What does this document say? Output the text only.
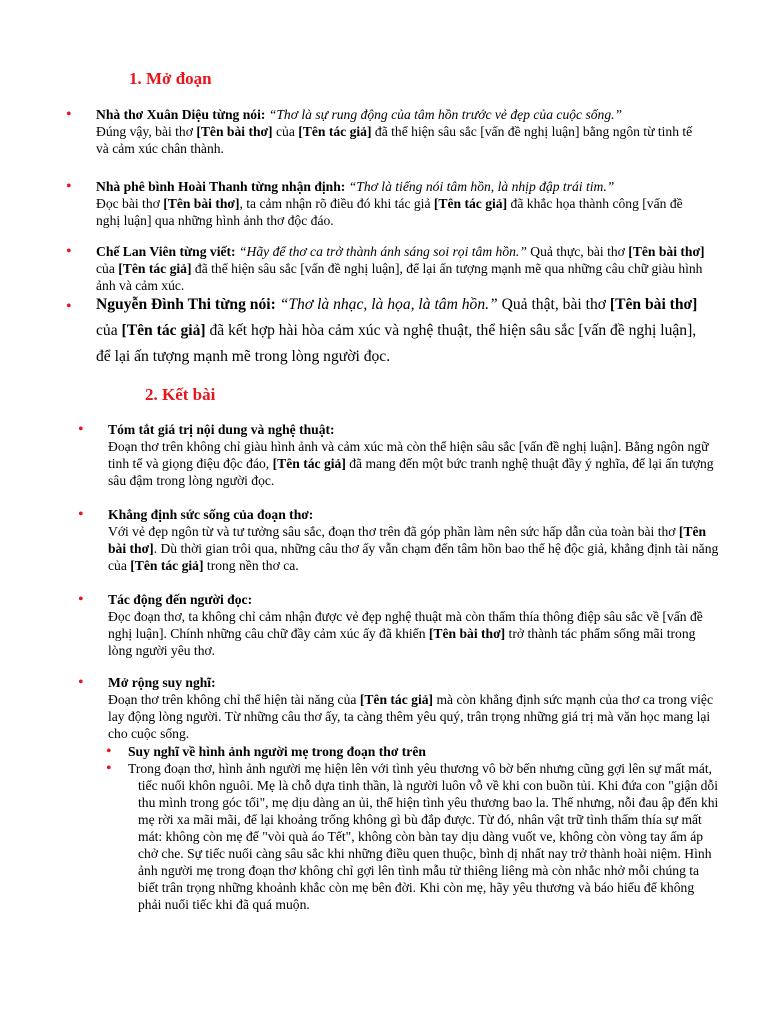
1. Mở đoạn
• Nhà thơ Xuân Diệu từng nói: “Thơ là sự rung động của tâm hồn trước vẻ đẹp của cuộc sống.”
Đúng vậy, bài thơ [Tên bài thơ] của [Tên tác giả] đã thể hiện sâu sắc [vấn đề nghị luận] bằng ngôn từ tinh tế và cảm xúc chân thành.
• Nhà phê bình Hoài Thanh từng nhận định: “Thơ là tiếng nói tâm hồn, là nhịp đập trái tim.”
Đọc bài thơ [Tên bài thơ], ta cảm nhận rõ điều đó khi tác giả [Tên tác giả] đã khắc họa thành công [vấn đề nghị luận] qua những hình ảnh thơ độc đáo.
• Chế Lan Viên từng viết: “Hãy để thơ ca trở thành ánh sáng soi rọi tâm hồn.” Quả thực, bài thơ [Tên bài thơ] của [Tên tác giả] đã thể hiện sâu sắc [vấn đề nghị luận], để lại ấn tượng mạnh mẽ qua những câu chữ giàu hình ảnh và cảm xúc.
• Nguyễn Đình Thi từng nói: “Thơ là nhạc, là họa, là tâm hồn.” Quả thật, bài thơ [Tên bài thơ] của [Tên tác giả] đã kết hợp hài hòa cảm xúc và nghệ thuật, thể hiện sâu sắc [vấn đề nghị luận], để lại ấn tượng mạnh mẽ trong lòng người đọc.
2. Kết bài
• Tóm tắt giá trị nội dung và nghệ thuật:
Đoạn thơ trên không chỉ giàu hình ảnh và cảm xúc mà còn thể hiện sâu sắc [vấn đề nghị luận]. Bằng ngôn ngữ tinh tế và giọng điệu độc đáo, [Tên tác giả] đã mang đến một bức tranh nghệ thuật đầy ý nghĩa, để lại ấn tượng sâu đậm trong lòng người đọc.
• Khẳng định sức sống của đoạn thơ:
Với vẻ đẹp ngôn từ và tư tưởng sâu sắc, đoạn thơ trên đã góp phần làm nên sức hấp dẫn của toàn bài thơ [Tên bài thơ]. Dù thời gian trôi qua, những câu thơ ấy vẫn chạm đến tâm hồn bao thế hệ độc giả, khẳng định tài năng của [Tên tác giả] trong nền thơ ca.
• Tác động đến người đọc:
Đọc đoạn thơ, ta không chỉ cảm nhận được vẻ đẹp nghệ thuật mà còn thấm thía thông điệp sâu sắc về [vấn đề nghị luận]. Chính những câu chữ đầy cảm xúc ấy đã khiến [Tên bài thơ] trở thành tác phẩm sống mãi trong lòng người yêu thơ.
• Mở rộng suy nghĩ:
Đoạn thơ trên không chỉ thể hiện tài năng của [Tên tác giả] mà còn khẳng định sức mạnh của thơ ca trong việc lay động lòng người. Từ những câu thơ ấy, ta càng thêm yêu quý, trân trọng những giá trị mà văn học mang lại cho cuộc sống.
• Suy nghĩ về hình ảnh người mẹ trong đoạn thơ trên
• Trong đoạn thơ, hình ảnh người mẹ hiện lên với tình yêu thương vô bờ bến nhưng cũng gợi lên sự mất mát, tiếc nuối khôn nguôi. Mẹ là chỗ dựa tinh thần, là người luôn vỗ về khi con buồn tủi. Khi đứa con "giận dỗi thu mình trong góc tối", mẹ dịu dàng an ủi, thể hiện tình yêu thương bao la. Thế nhưng, nỗi đau ập đến khi mẹ rời xa mãi mãi, để lại khoảng trống không gì bù đắp được. Từ đó, nhân vật trữ tình thấm thía sự mất mát: không còn mẹ để "vòi quà áo Tết", không còn bàn tay dịu dàng vuốt ve, không còn vòng tay ấm áp chở che. Sự tiếc nuối càng sâu sắc khi những điều quen thuộc, bình dị nhất nay trở thành hoài niệm. Hình ảnh người mẹ trong đoạn thơ không chỉ gợi lên tình mẫu tử thiêng liêng mà còn nhắc nhở mỗi chúng ta biết trân trọng những khoảnh khắc còn mẹ bên đời. Khi còn mẹ, hãy yêu thương và báo hiếu để không phải nuối tiếc khi đã quá muộn.
